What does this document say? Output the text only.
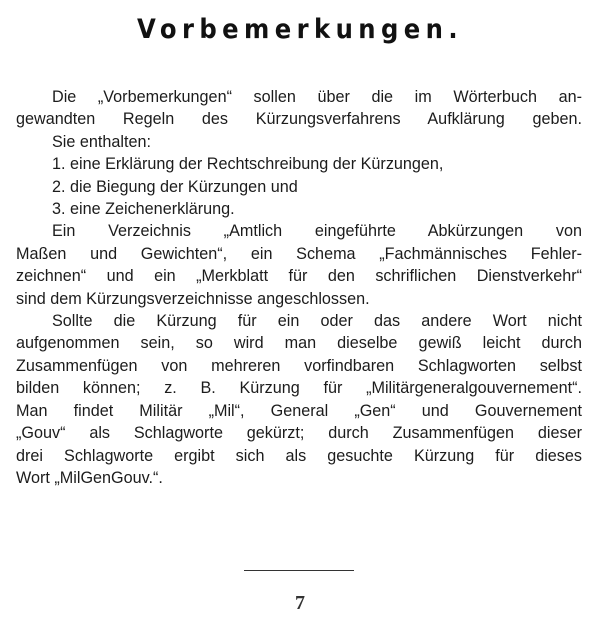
Vorbemerkungen.
Die „Vorbemerkungen“ sollen über die im Wörterbuch an-
gewandten Regeln des Kürzungsverfahrens Aufklärung geben.
Sie enthalten:
1. eine Erklärung der Rechtschreibung der Kürzungen,
2. die Biegung der Kürzungen und
3. eine Zeichenerklärung.
Ein Verzeichnis „Amtlich eingeführte Abkürzungen von
Maßen und Gewichten“, ein Schema „Fachmännisches Fehler-
zeichnen“ und ein „Merkblatt für den schriflichen Dienstverkehr“
sind dem Kürzungsverzeichnisse angeschlossen.
Sollte die Kürzung für ein oder das andere Wort nicht
aufgenommen sein, so wird man dieselbe gewiß leicht durch
Zusammenfügen von mehreren vorfindbaren Schlagworten selbst
bilden können; z. B. Kürzung für „Militärgeneralgouvernement“.
Man findet Militär „Mil“, General „Gen“ und Gouvernement
„Gouv“ als Schlagworte gekürzt; durch Zusammenfügen dieser
drei Schlagworte ergibt sich als gesuchte Kürzung für dieses
Wort „MilGenGouv.“.
7
